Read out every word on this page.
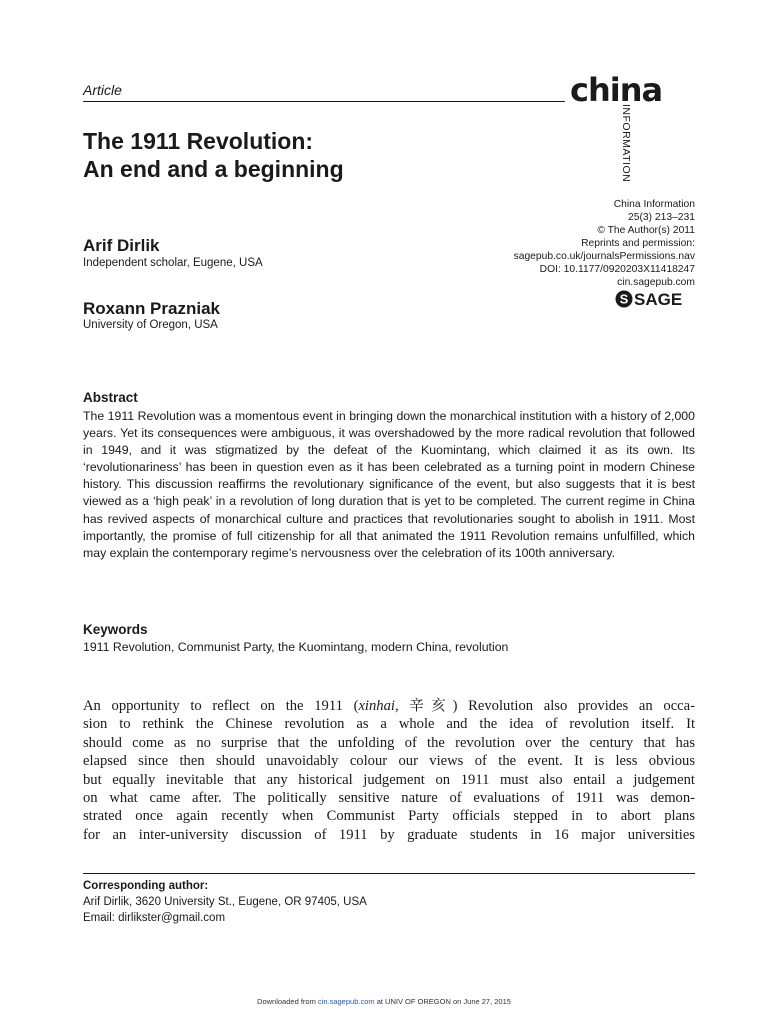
Article	china
INFORMATION
The 1911 Revolution:
An end and a beginning
Arif Dirlik
Independent scholar, Eugene, USA
Roxann Prazniak
University of Oregon, USA
China Information
25(3) 213–231
© The Author(s) 2011
Reprints and permission:
sagepub.co.uk/journalsPermissions.nav
DOI: 10.1177/0920203X11418247
cin.sagepub.com
S SAGE
Abstract
The 1911 Revolution was a momentous event in bringing down the monarchical institution with a history of 2,000 years. Yet its consequences were ambiguous, it was overshadowed by the more radical revolution that followed in 1949, and it was stigmatized by the defeat of the Kuomintang, which claimed it as its own. Its ‘revolutionariness’ has been in question even as it has been celebrated as a turning point in modern Chinese history. This discussion reaffirms the revolutionary significance of the event, but also suggests that it is best viewed as a ‘high peak’ in a revolution of long duration that is yet to be completed. The current regime in China has revived aspects of monarchical culture and practices that revolutionaries sought to abolish in 1911. Most importantly, the promise of full citizenship for all that animated the 1911 Revolution remains unfulfilled, which may explain the contemporary regime’s nervousness over the celebration of its 100th anniversary.
Keywords
1911 Revolution, Communist Party, the Kuomintang, modern China, revolution
An opportunity to reflect on the 1911 (xinhai, 辛亥) Revolution also provides an occa-
sion to rethink the Chinese revolution as a whole and the idea of revolution itself. It
should come as no surprise that the unfolding of the revolution over the century that has
elapsed since then should unavoidably colour our views of the event. It is less obvious
but equally inevitable that any historical judgement on 1911 must also entail a judgement
on what came after. The politically sensitive nature of evaluations of 1911 was demon-
strated once again recently when Communist Party officials stepped in to abort plans
for an inter-university discussion of 1911 by graduate students in 16 major universities
Corresponding author:
Arif Dirlik, 3620 University St., Eugene, OR 97405, USA
Email: dirlikster@gmail.com
Downloaded from cin.sagepub.com at UNIV OF OREGON on June 27, 2015
